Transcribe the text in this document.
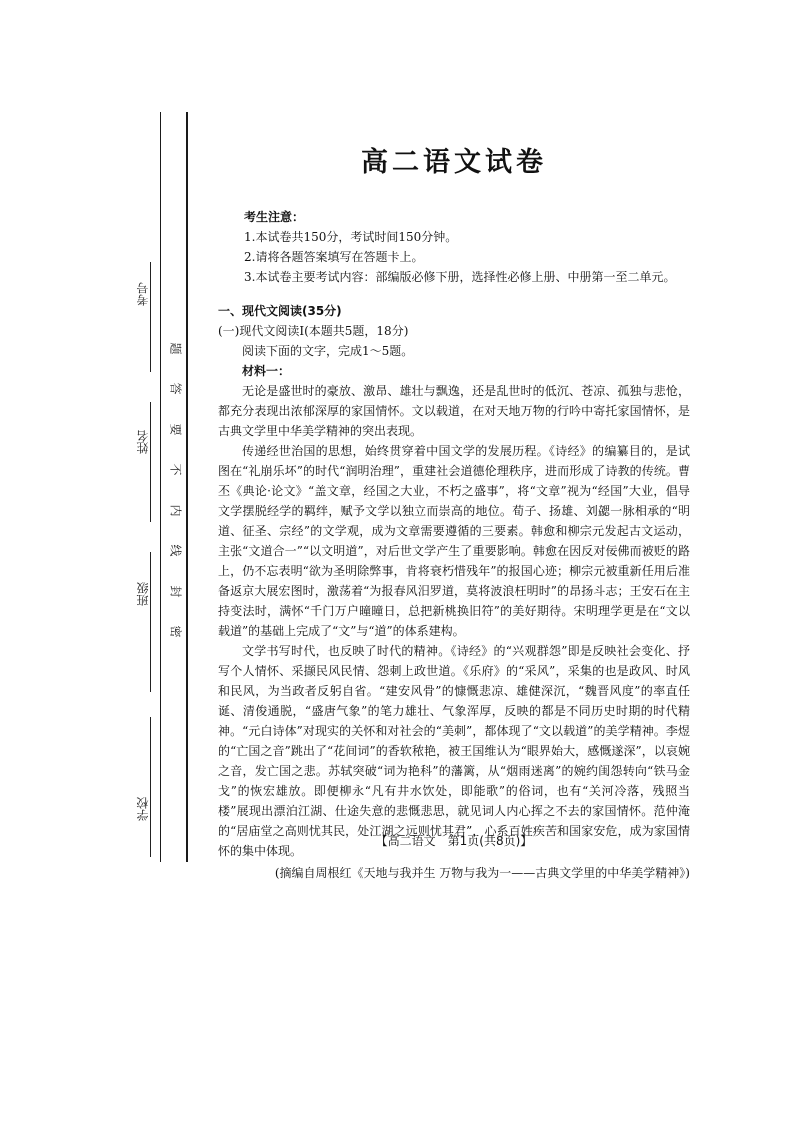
考号
姓名
班级
学校
题
答
要
不
内
线
封
密
高二语文试卷
考生注意：
1.本试卷共150分，考试时间150分钟。
2.请将各题答案填写在答题卡上。
3.本试卷主要考试内容：部编版必修下册，选择性必修上册、中册第一至二单元。
一、现代文阅读(35分)
(一)现代文阅读Ⅰ(本题共5题，18分)
阅读下面的文字，完成1～5题。
材料一：

无论是盛世时的豪放、激昂、雄壮与飘逸，还是乱世时的低沉、苍凉、孤独与悲怆，都充分表现出浓郁深厚的家国情怀。文以载道，在对天地万物的行吟中寄托家国情怀，是古典文学里中华美学精神的突出表现。

传递经世治国的思想，始终贯穿着中国文学的发展历程。《诗经》的编纂目的，是试图在“礼崩乐坏”的时代“润明治理”，重建社会道德伦理秩序，进而形成了诗教的传统。曹丕《典论·论文》“盖文章，经国之大业，不朽之盛事”，将“文章”视为“经国”大业，倡导文学摆脱经学的羁绊，赋予文学以独立而崇高的地位。荀子、扬雄、刘勰一脉相承的“明道、征圣、宗经”的文学观，成为文章需要遵循的三要素。韩愈和柳宗元发起古文运动，主张“文道合一”“以文明道”，对后世文学产生了重要影响。韩愈在因反对佞佛而被贬的路上，仍不忘表明“欲为圣明除弊事，肯将衰朽惜残年”的报国心迹；柳宗元被重新任用后准备返京大展宏图时，激荡着“为报春风汨罗道，莫将波浪枉明时”的昂扬斗志；王安石在主持变法时，满怀“千门万户曈曈日，总把新桃换旧符”的美好期待。宋明理学更是在“文以载道”的基础上完成了“文”与“道”的体系建构。

文学书写时代，也反映了时代的精神。《诗经》的“兴观群怨”即是反映社会变化、抒写个人情怀、采撷民风民情、怨刺上政世道。《乐府》的“采风”，采集的也是政风、时风和民风，为当政者反躬自省。“建安风骨”的慷慨悲凉、雄健深沉，“魏晋风度”的率直任诞、清俊通脱，“盛唐气象”的笔力雄壮、气象浑厚，反映的都是不同历史时期的时代精神。“元白诗体”对现实的关怀和对社会的“美刺”，都体现了“文以载道”的美学精神。李煜的“亡国之音”跳出了“花间词”的香软秾艳，被王国维认为“眼界始大，感慨遂深”，以哀婉之音，发亡国之悲。苏轼突破“词为艳科”的藩篱，从“烟雨迷离”的婉约闺怨转向“铁马金戈”的恢宏雄放。即便柳永“凡有井水饮处，即能歌”的俗词，也有“关河冷落，残照当楼”展现出漂泊江湖、仕途失意的悲慨悲思，就见词人内心挥之不去的家国情怀。范仲淹的“居庙堂之高则忧其民，处江湖之远则忧其君”，心系百姓疾苦和国家安危，成为家国情怀的集中体现。

(摘编自周根红《天地与我并生 万物与我为一——古典文学里的中华美学精神》)
【高二语文　第1页(共8页)】
